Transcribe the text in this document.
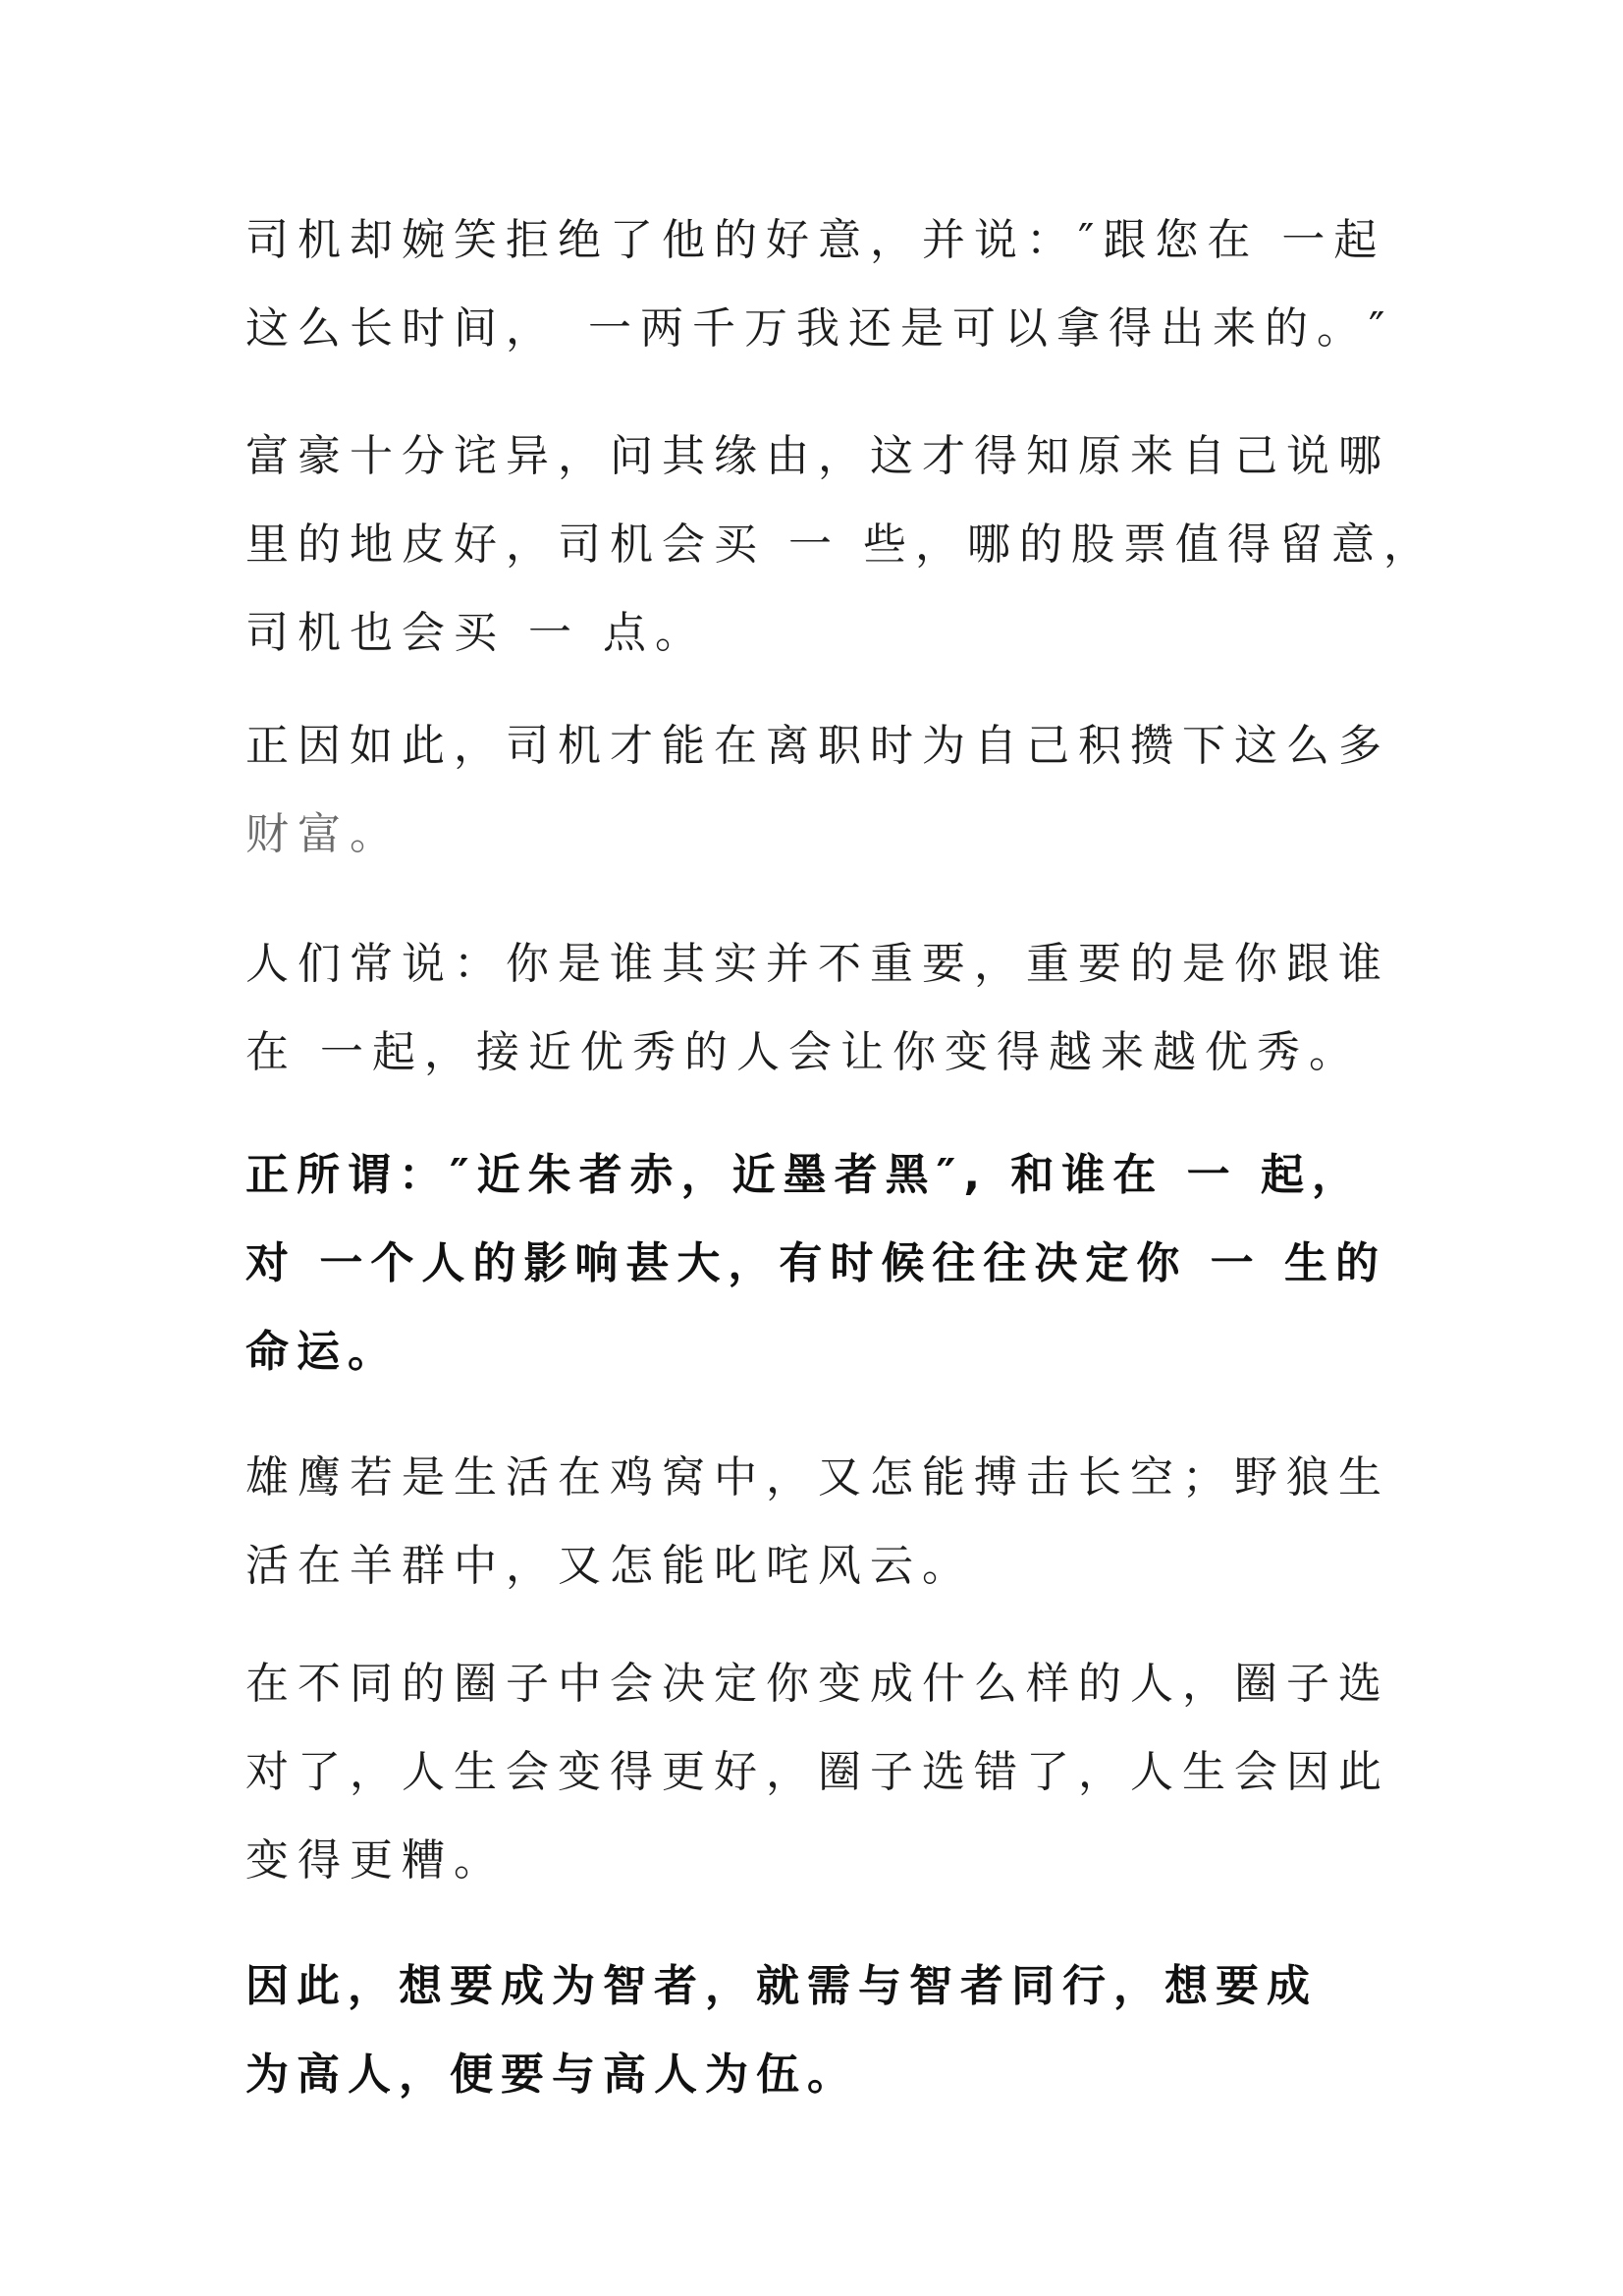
司机却婉笑拒绝了他的好意，并说：″跟您在 一起
这么长时间，　一两千万我还是可以拿得出来的。″

富豪十分诧异，问其缘由，这才得知原来自己说哪
里的地皮好，司机会买 一 些，哪的股票值得留意，
司机也会买 一 点。

正因如此，司机才能在离职时为自己积攒下这么多
财富。

人们常说：你是谁其实并不重要，重要的是你跟谁
在 一起，接近优秀的人会让你变得越来越优秀。

正所谓：″近朱者赤，近墨者黑″, 和谁在 一 起，
对 一个人的影响甚大，有时候往往决定你 一 生的
命运。

雄鹰若是生活在鸡窝中，又怎能搏击长空；野狼生
活在羊群中，又怎能叱咤风云。

在不同的圈子中会决定你变成什么样的人，圈子选
对了，人生会变得更好，圈子选错了，人生会因此
变得更糟。

因此，想要成为智者，就需与智者同行，想要成
为高人，便要与高人为伍。
